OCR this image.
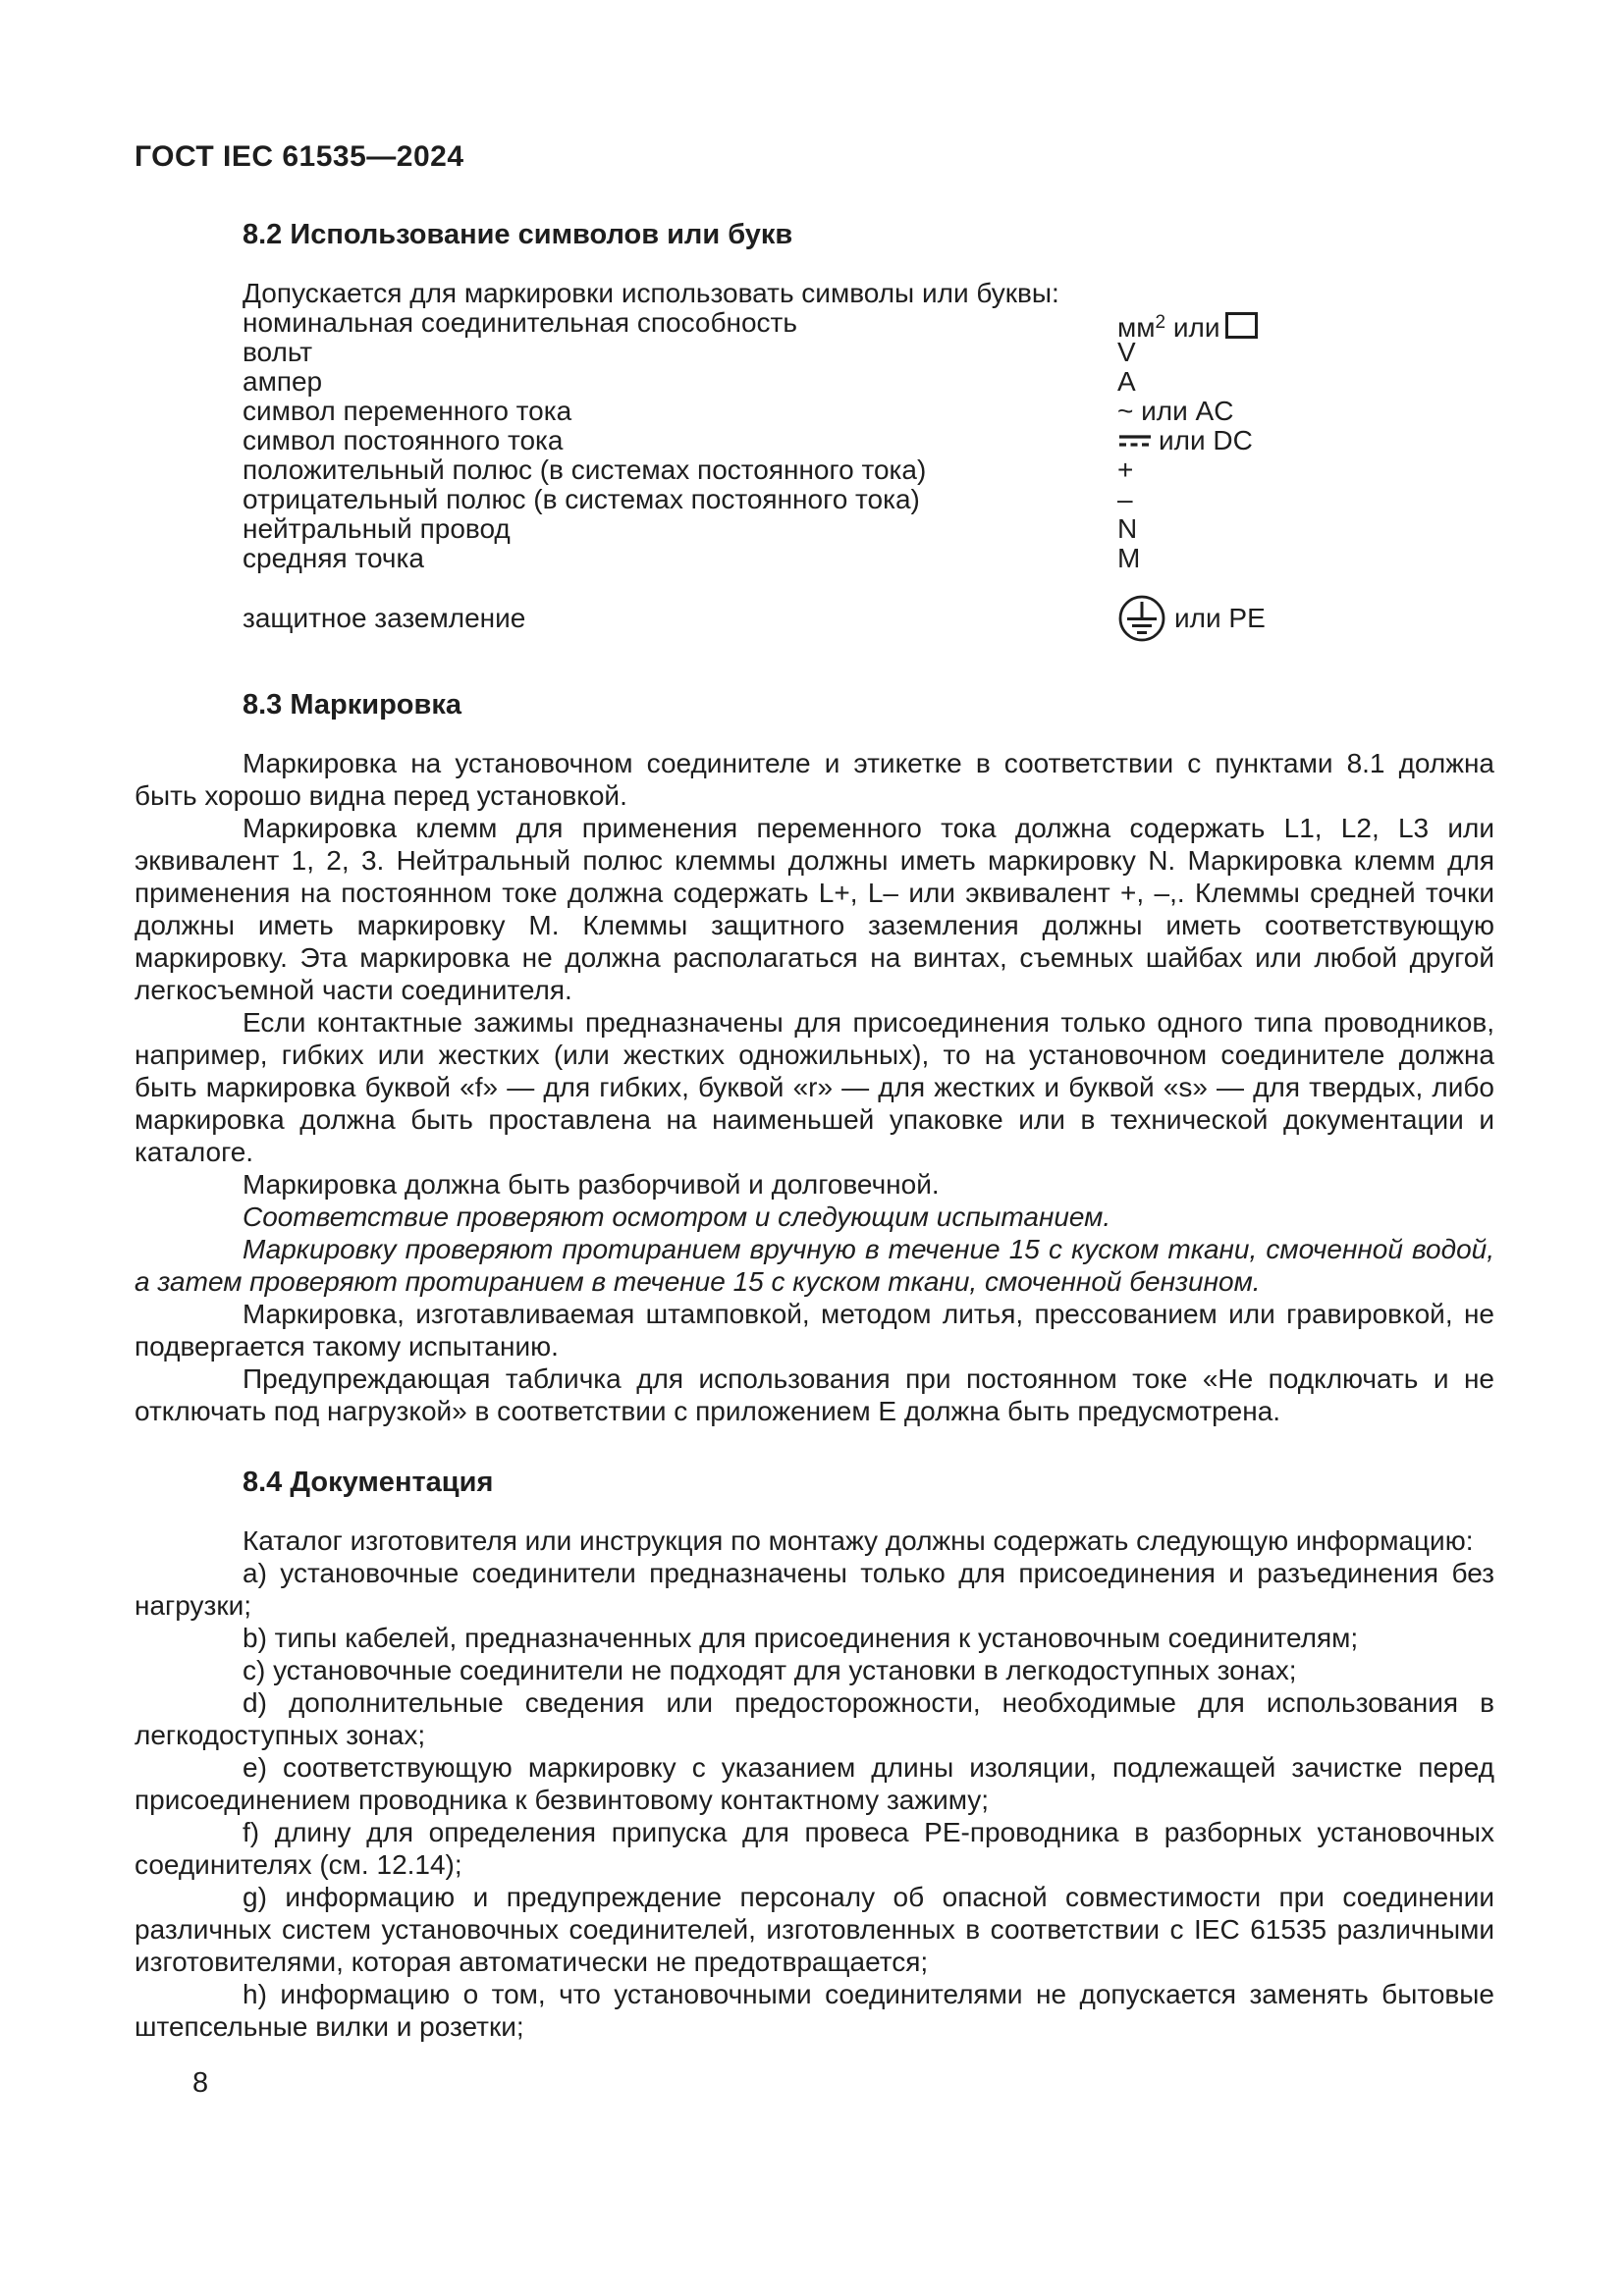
ГОСТ IEC 61535—2024
8.2 Использование символов или букв

Допускается для маркировки использовать символы или буквы:

номинальная соединительная способность	$мм^2$ или
вольт	V
ампер	A
символ переменного тока	~ или AC
символ постоянного тока	или DC
положительный полюс (в системах постоянного тока)	+
отрицательный полюс (в системах постоянного тока)	–
нейтральный провод	N
средняя точка	M
защитное заземление	или PE
8.3 Маркировка

Маркировка на установочном соединителе и этикетке в соответствии с пунктами 8.1 должна быть хорошо видна перед установкой.

Маркировка клемм для применения переменного тока должна содержать L1, L2, L3 или эквивалент 1, 2, 3. Нейтральный полюс клеммы должны иметь маркировку N. Маркировка клемм для применения на постоянном токе должна содержать L+, L– или эквивалент +, –,. Клеммы средней точки должны иметь маркировку M. Клеммы защитного заземления должны иметь соответствующую маркировку. Эта маркировка не должна располагаться на винтах, съемных шайбах или любой другой легкосъемной части соединителя.

Если контактные зажимы предназначены для присоединения только одного типа проводников, например, гибких или жестких (или жестких одножильных), то на установочном соединителе должна быть маркировка буквой «f» — для гибких, буквой «r» — для жестких и буквой «s» — для твердых, либо маркировка должна быть проставлена на наименьшей упаковке или в технической документации и каталоге.

Маркировка должна быть разборчивой и долговечной.

Соответствие проверяют осмотром и следующим испытанием.

Маркировку проверяют протиранием вручную в течение 15 с куском ткани, смоченной водой, а затем проверяют протиранием в течение 15 с куском ткани, смоченной бензином.

Маркировка, изготавливаемая штамповкой, методом литья, прессованием или гравировкой, не подвергается такому испытанию.

Предупреждающая табличка для использования при постоянном токе «Не подключать и не отключать под нагрузкой» в соответствии с приложением E должна быть предусмотрена.

8.4 Документация

Каталог изготовителя или инструкция по монтажу должны содержать следующую информацию:

a) установочные соединители предназначены только для присоединения и разъединения без нагрузки;

b) типы кабелей, предназначенных для присоединения к установочным соединителям;

c) установочные соединители не подходят для установки в легкодоступных зонах;

d) дополнительные сведения или предосторожности, необходимые для использования в легкодоступных зонах;

e) соответствующую маркировку с указанием длины изоляции, подлежащей зачистке перед присоединением проводника к безвинтовому контактному зажиму;

f) длину для определения припуска для провеса PE-проводника в разборных установочных соединителях (см. 12.14);

g) информацию и предупреждение персоналу об опасной совместимости при соединении различных систем установочных соединителей, изготовленных в соответствии с IEC 61535 различными изготовителями, которая автоматически не предотвращается;

h) информацию о том, что установочными соединителями не допускается заменять бытовые штепсельные вилки и розетки;

8
